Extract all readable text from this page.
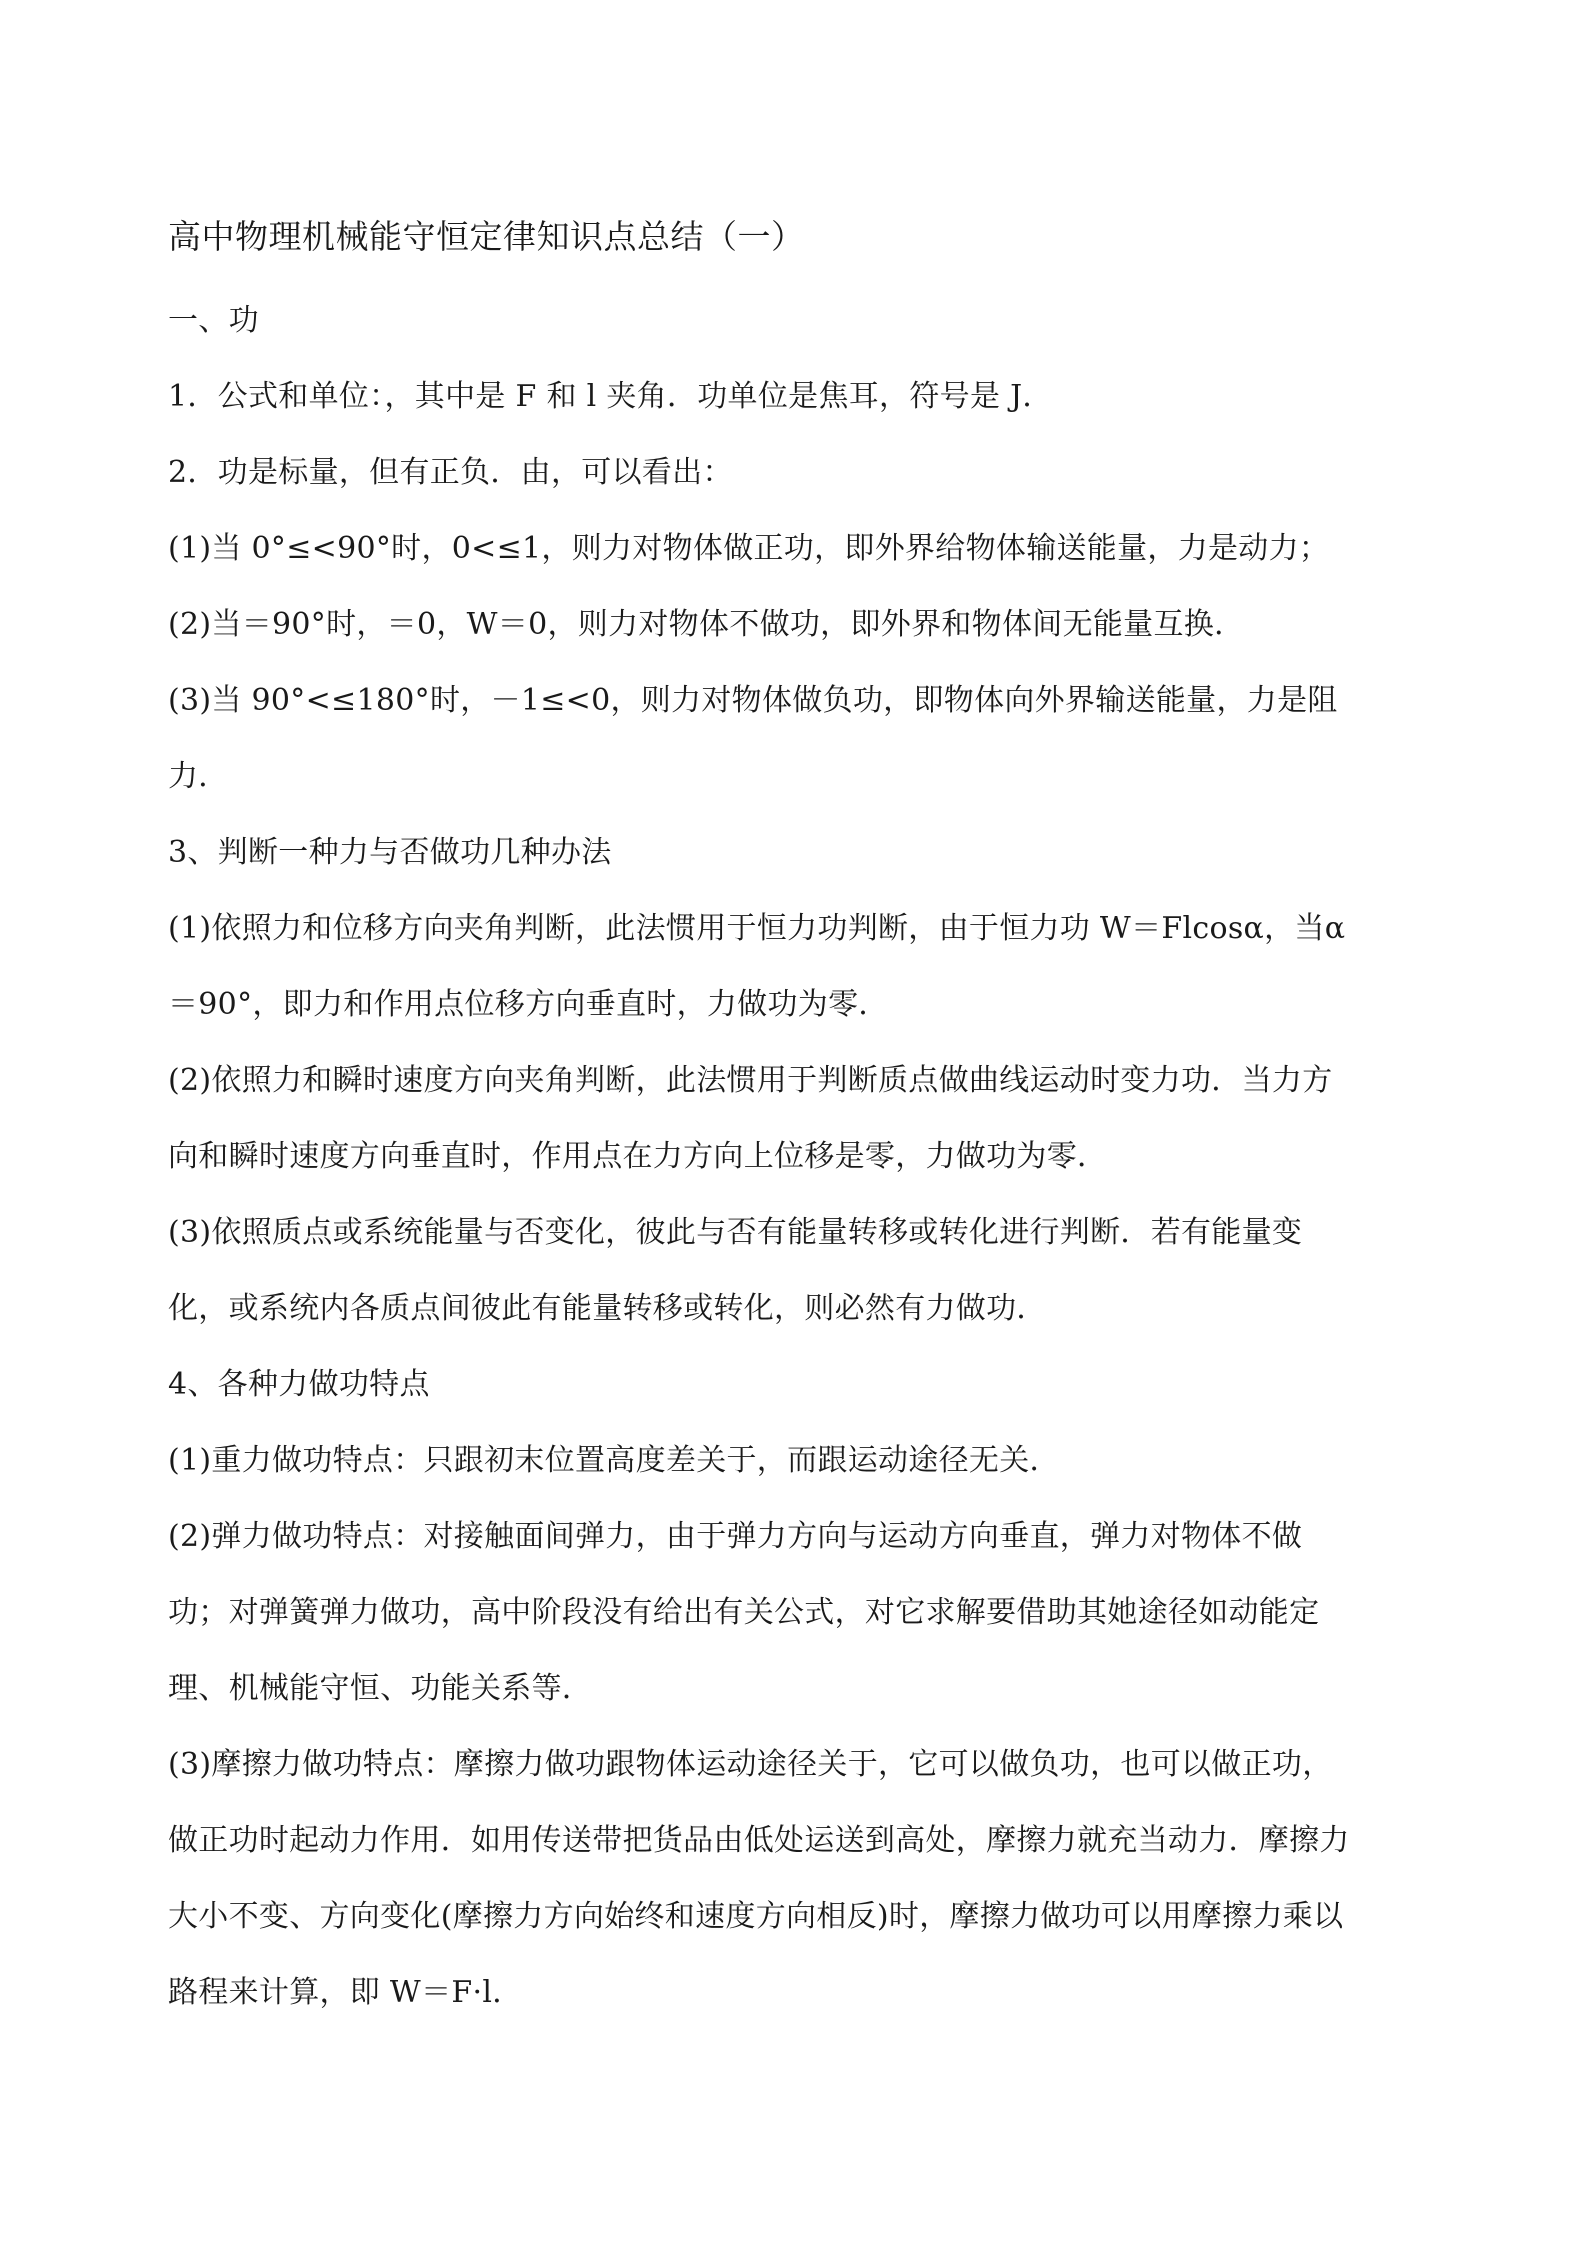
高中物理机械能守恒定律知识点总结（一）

一、功

1．公式和单位：，其中是 F 和 l 夹角．功单位是焦耳，符号是 J．

2．功是标量，但有正负．由，可以看出：

(1)当 0°≤<90°时，0<≤1，则力对物体做正功，即外界给物体输送能量，力是动力；

(2)当＝90°时，＝0，W＝0，则力对物体不做功，即外界和物体间无能量互换．

(3)当 90°<≤180°时，－1≤<0，则力对物体做负功，即物体向外界输送能量，力是阻

力．

3、判断一种力与否做功几种办法

(1)依照力和位移方向夹角判断，此法惯用于恒力功判断，由于恒力功 W＝Flcosα，当α

＝90°，即力和作用点位移方向垂直时，力做功为零．

(2)依照力和瞬时速度方向夹角判断，此法惯用于判断质点做曲线运动时变力功．当力方

向和瞬时速度方向垂直时，作用点在力方向上位移是零，力做功为零．

(3)依照质点或系统能量与否变化，彼此与否有能量转移或转化进行判断．若有能量变

化，或系统内各质点间彼此有能量转移或转化，则必然有力做功．

4、各种力做功特点

(1)重力做功特点：只跟初末位置高度差关于，而跟运动途径无关．

(2)弹力做功特点：对接触面间弹力，由于弹力方向与运动方向垂直，弹力对物体不做

功；对弹簧弹力做功，高中阶段没有给出有关公式，对它求解要借助其她途径如动能定

理、机械能守恒、功能关系等．

(3)摩擦力做功特点：摩擦力做功跟物体运动途径关于，它可以做负功，也可以做正功，

做正功时起动力作用．如用传送带把货品由低处运送到高处，摩擦力就充当动力．摩擦力

大小不变、方向变化(摩擦力方向始终和速度方向相反)时，摩擦力做功可以用摩擦力乘以

路程来计算，即 W＝F·l．
